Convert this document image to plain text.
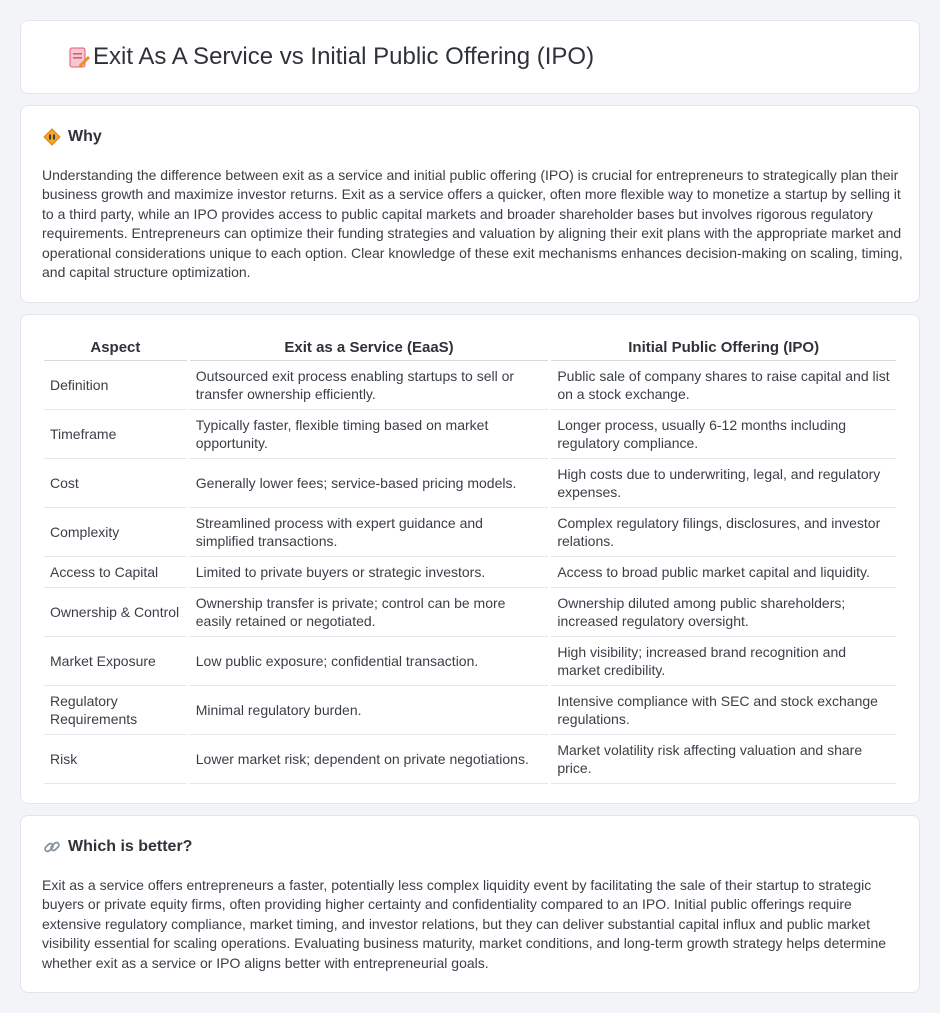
Exit As A Service vs Initial Public Offering (IPO)
Why

Understanding the difference between exit as a service and initial public offering (IPO) is crucial for entrepreneurs to strategically plan their business growth and maximize investor returns. Exit as a service offers a quicker, often more flexible way to monetize a startup by selling it to a third party, while an IPO provides access to public capital markets and broader shareholder bases but involves rigorous regulatory requirements. Entrepreneurs can optimize their funding strategies and valuation by aligning their exit plans with the appropriate market and operational considerations unique to each option. Clear knowledge of these exit mechanisms enhances decision-making on scaling, timing, and capital structure optimization.

Aspect	Exit as a Service (EaaS)	Initial Public Offering (IPO)
Definition	Outsourced exit process enabling startups to sell or transfer ownership efficiently.	Public sale of company shares to raise capital and list on a stock exchange.
Timeframe	Typically faster, flexible timing based on market opportunity.	Longer process, usually 6-12 months including regulatory compliance.
Cost	Generally lower fees; service-based pricing models.	High costs due to underwriting, legal, and regulatory expenses.
Complexity	Streamlined process with expert guidance and simplified transactions.	Complex regulatory filings, disclosures, and investor relations.
Access to Capital	Limited to private buyers or strategic investors.	Access to broad public market capital and liquidity.
Ownership & Control	Ownership transfer is private; control can be more easily retained or negotiated.	Ownership diluted among public shareholders; increased regulatory oversight.
Market Exposure	Low public exposure; confidential transaction.	High visibility; increased brand recognition and market credibility.
Regulatory Requirements	Minimal regulatory burden.	Intensive compliance with SEC and stock exchange regulations.
Risk	Lower market risk; dependent on private negotiations.	Market volatility risk affecting valuation and share price.
Which is better?

Exit as a service offers entrepreneurs a faster, potentially less complex liquidity event by facilitating the sale of their startup to strategic buyers or private equity firms, often providing higher certainty and confidentiality compared to an IPO. Initial public offerings require extensive regulatory compliance, market timing, and investor relations, but they can deliver substantial capital influx and public market visibility essential for scaling operations. Evaluating business maturity, market conditions, and long-term growth strategy helps determine whether exit as a service or IPO aligns better with entrepreneurial goals.
